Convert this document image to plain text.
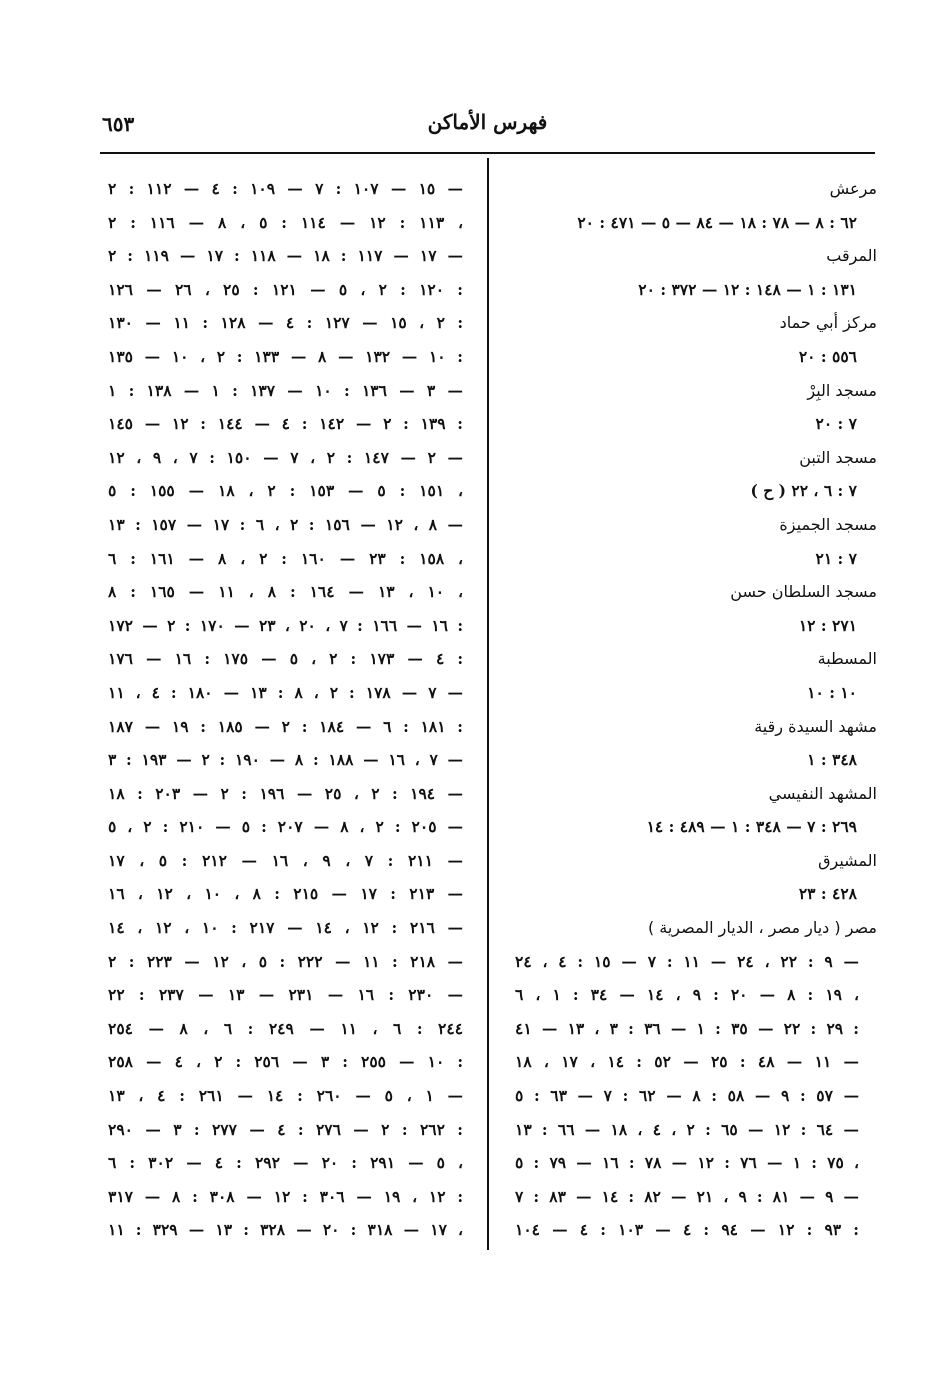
فهرس الأماكن
٦٥٣
١٥ — ١٠٧ : ٧ — ١٠٩ : ٤ — ١١٢ : ٢ —
١١٣ : ١٢ — ١١٤ : ٥ ، ٨ — ١١٦ : ٢ ،
١٧ — ١١٧ : ١٨ — ١١٨ : ١٧ — ١١٩ : ٢ —
١٢٠ : ٢ ، ٥ — ١٢١ : ٢٥ ، ٢٦ — ١٢٦ :
٢ ، ١٥ — ١٢٧ : ٤ — ١٢٨ : ١١ — ١٣٠ :
١٠ — ١٣٢ — ٨ — ١٣٣ : ٢ ، ١٠ — ١٣٥ :
٣ — ١٣٦ : ١٠ — ١٣٧ : ١ — ١٣٨ : ١ —
١٣٩ : ٢ — ١٤٢ : ٤ — ١٤٤ : ١٢ — ١٤٥ :
٢ — ١٤٧ : ٢ ، ٧ — ١٥٠ : ٧ ، ٩ ، ١٢ —
١٥١ : ٥ — ١٥٣ : ٢ ، ١٨ — ١٥٥ : ٥ ،
٨ ، ١٢ — ١٥٦ : ٢ ، ٦ : ١٧ — ١٥٧ : ١٣ —
١٥٨ : ٢٣ — ١٦٠ : ٢ ، ٨ — ١٦١ : ٦ ،
١٠ ، ١٣ — ١٦٤ : ٨ ، ١١ — ١٦٥ : ٨ ،
١٦ — ١٦٦ : ٧ ، ٢٠ ، ٢٣ — ١٧٠ : ٢ — ١٧٢ :
٤ — ١٧٣ : ٢ ، ٥ — ١٧٥ : ١٦ — ١٧٦ :
٧ — ١٧٨ : ٢ ، ٨ : ١٣ — ١٨٠ : ٤ ، ١١ —
١٨١ : ٦ — ١٨٤ : ٢ — ١٨٥ : ١٩ — ١٨٧ :
٧ ، ١٦ — ١٨٨ : ٨ — ١٩٠ : ٢ — ١٩٣ : ٣ —
١٩٤ : ٢ ، ٢٥ — ١٩٦ : ٢ — ٢٠٣ : ١٨ —
٢٠٥ : ٢ ، ٨ — ٢٠٧ : ٥ — ٢١٠ : ٢ ، ٥ —
٢١١ : ٧ ، ٩ ، ١٦ — ٢١٢ : ٥ ، ١٧ —
٢١٣ : ١٧ — ٢١٥ : ٨ ، ١٠ ، ١٢ ، ١٦ —
٢١٦ : ١٢ ، ١٤ — ٢١٧ : ١٠ ، ١٢ ، ١٤ —
٢١٨ : ١١ — ٢٢٢ : ٥ ، ١٢ — ٢٢٣ : ٢ —
٢٣٠ : ١٦ — ٢٣١ — ١٣ — ٢٣٧ : ٢٢ —
٢٤٤ : ٦ ، ١١ — ٢٤٩ : ٦ ، ٨ — ٢٥٤
١٠ — ٢٥٥ : ٣ — ٢٥٦ : ٢ ، ٤ — ٢٥٨ :
١ ، ٥ — ٢٦٠ : ١٤ — ٢٦١ : ٤ ، ١٣ —
٢٦٢ : ٢ — ٢٧٦ : ٤ — ٢٧٧ : ٣ — ٢٩٠ :
٥ — ٢٩١ : ٢٠ — ٢٩٢ : ٤ — ٣٠٢ : ٦ ،
١٢ ، ١٩ — ٣٠٦ : ١٢ — ٣٠٨ : ٨ — ٣١٧ :
١٧ — ٣١٨ : ٢٠ — ٣٢٨ : ١٣ — ٣٢٩ : ١١ ،
مرعش
٦٢ : ٨ — ٧٨ : ١٨ — ٨٤ — ٥ — ٤٧١ : ٢٠
المرقب
١٣١ : ١ — ١٤٨ : ١٢ — ٣٧٢ : ٢٠
مركز أبي حماد
٥٥٦ : ٢٠
مسجد البِرْ
٧ : ٢٠
مسجد التبن
٧ : ٦ ، ٢٢ ( ح )
مسجد الجميزة
٧ : ٢١
مسجد السلطان حسن
٢٧١ : ١٢
المسطبة
١٠ : ١٠
مشهد السيدة رقية
٣٤٨ : ١
المشهد النفيسي
٢٦٩ : ٧ — ٣٤٨ : ١ — ٤٨٩ : ١٤
المشيرق
٤٢٨ : ٢٣
مصر ( ديار مصر ، الديار المصرية )
٩ : ٢٢ ، ٢٤ — ١١ : ٧ — ١٥ : ٤ ، ٢٤ —
١٩ : ٨ — ٢٠ : ٩ ، ١٤ — ٣٤ : ١ ، ٦ ،
٢٩ : ٢٢ — ٣٥ : ١ — ٣٦ : ٣ ، ١٣ — ٤١ :
١١ — ٤٨ : ٢٥ — ٥٢ : ١٤ ، ١٧ ، ١٨ —
٥٧ : ٩ — ٥٨ : ٨ — ٦٢ : ٧ — ٦٣ : ٥ —
٦٤ : ١٢ — ٦٥ : ٢ ، ٤ ، ١٨ — ٦٦ : ١٣ —
٧٥ : ١ — ٧٦ : ١٢ — ٧٨ : ١٦ — ٧٩ : ٥ ،
٩ — ٨١ : ٩ ، ٢١ — ٨٢ : ١٤ — ٨٣ : ٧ —
٩٣ : ١٢ — ٩٤ : ٤ — ١٠٣ : ٤ — ١٠٤ :
